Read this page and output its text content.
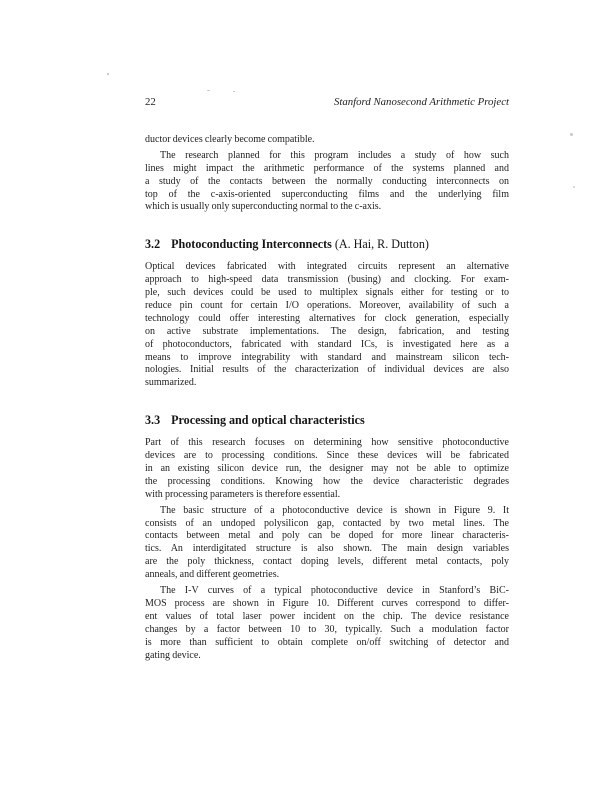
22	Stanford Nanosecond Arithmetic Project
ductor devices clearly become compatible.
The research planned for this program includes a study of how such
lines might impact the arithmetic performance of the systems planned and
a study of the contacts between the normally conducting interconnects on
top of the c-axis-oriented superconducting films and the underlying film
which is usually only superconducting normal to the c-axis.
3.2 Photoconducting Interconnects (A. Hai, R. Dutton)
Optical devices fabricated with integrated circuits represent an alternative
approach to high-speed data transmission (busing) and clocking. For exam-
ple, such devices could be used to multiplex signals either for testing or to
reduce pin count for certain I/O operations. Moreover, availability of such a
technology could offer interesting alternatives for clock generation, especially
on active substrate implementations. The design, fabrication, and testing
of photoconductors, fabricated with standard ICs, is investigated here as a
means to improve integrability with standard and mainstream silicon tech-
nologies. Initial results of the characterization of individual devices are also
summarized.
3.3 Processing and optical characteristics
Part of this research focuses on determining how sensitive photoconductive
devices are to processing conditions. Since these devices will be fabricated
in an existing silicon device run, the designer may not be able to optimize
the processing conditions. Knowing how the device characteristic degrades
with processing parameters is therefore essential.
The basic structure of a photoconductive device is shown in Figure 9. It
consists of an undoped polysilicon gap, contacted by two metal lines. The
contacts between metal and poly can be doped for more linear characteris-
tics. An interdigitated structure is also shown. The main design variables
are the poly thickness, contact doping levels, different metal contacts, poly
anneals, and different geometries.
The I-V curves of a typical photoconductive device in Stanford’s BiC-
MOS process are shown in Figure 10. Different curves correspond to differ-
ent values of total laser power incident on the chip. The device resistance
changes by a factor between 10 to 30, typically. Such a modulation factor
is more than sufficient to obtain complete on/off switching of detector and
gating device.
